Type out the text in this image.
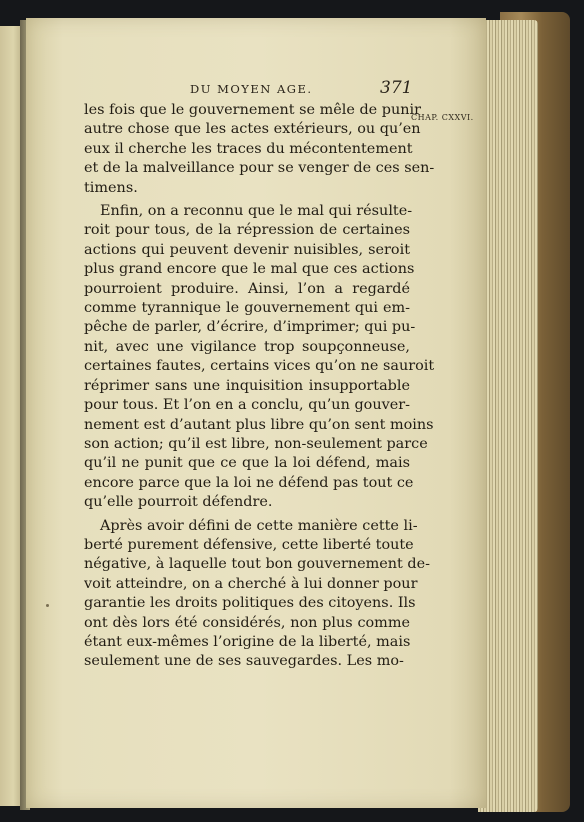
DU MOYEN AGE.	371
CHAP. CXXVI.
les fois que le gouvernement se mêle de punir
autre chose que les actes extérieurs, ou qu’en
eux il cherche les traces du mécontentement
et de la malveillance pour se venger de ces sen-
timens.
Enfin, on a reconnu que le mal qui résulte-
roit pour tous, de la répression de certaines
actions qui peuvent devenir nuisibles, seroit
plus grand encore que le mal que ces actions
pourroient produire. Ainsi, l’on a regardé
comme tyrannique le gouvernement qui em-
pêche de parler, d’écrire, d’imprimer; qui pu-
nit, avec une vigilance trop soupçonneuse,
certaines fautes, certains vices qu’on ne sauroit
réprimer sans une inquisition insupportable
pour tous. Et l’on en a conclu, qu’un gouver-
nement est d’autant plus libre qu’on sent moins
son action; qu’il est libre, non-seulement parce
qu’il ne punit que ce que la loi défend, mais
encore parce que la loi ne défend pas tout ce
qu’elle pourroit défendre.
Après avoir défini de cette manière cette li-
berté purement défensive, cette liberté toute
négative, à laquelle tout bon gouvernement de-
voit atteindre, on a cherché à lui donner pour
garantie les droits politiques des citoyens. Ils
ont dès lors été considérés, non plus comme
étant eux-mêmes l’origine de la liberté, mais
seulement une de ses sauvegardes. Les mo-
